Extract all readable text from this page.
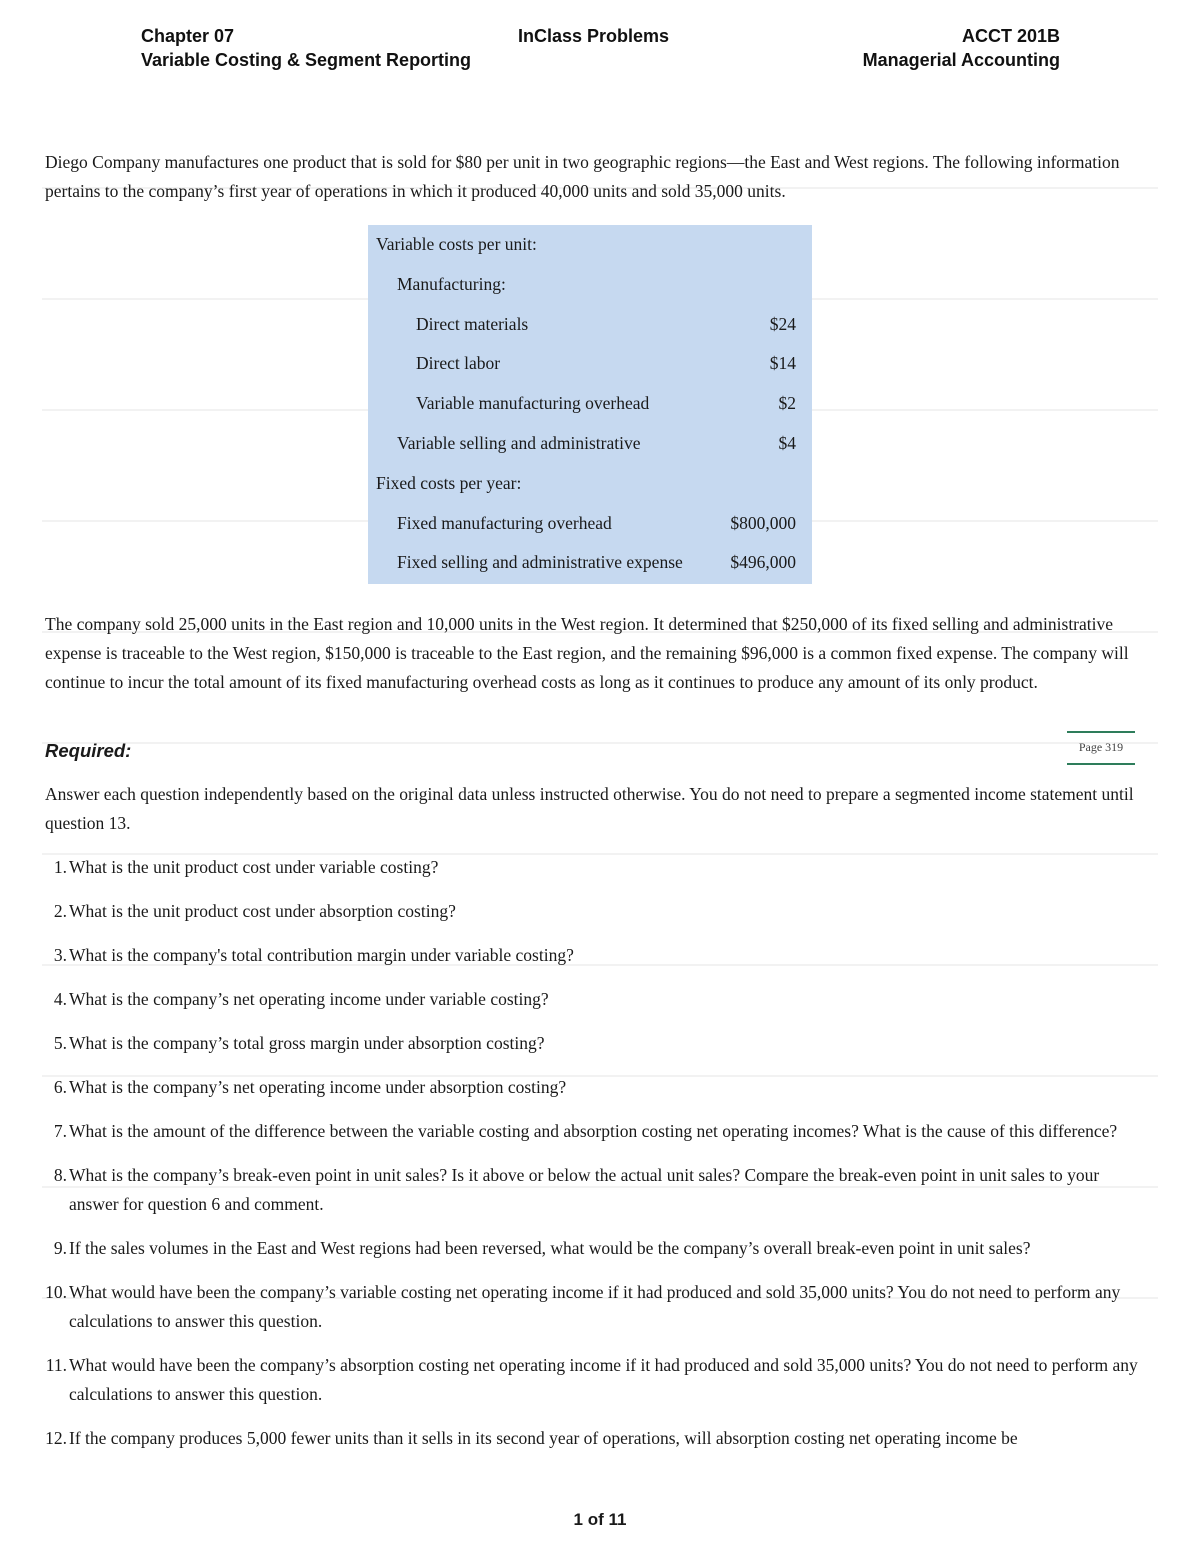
Chapter 07
Variable Costing & Segment Reporting
InClass Problems	ACCT 201B
Managerial Accounting

Diego Company manufactures one product that is sold for $80 per unit in two geographic regions—the East and West regions. The following information pertains to the company’s first year of operations in which it produced 40,000 units and sold 35,000 units.

Variable costs per unit:
Manufacturing:
Direct materials	$24
Direct labor	$14
Variable manufacturing overhead	$2
Variable selling and administrative	$4
Fixed costs per year:
Fixed manufacturing overhead	$800,000
Fixed selling and administrative expense	$496,000

The company sold 25,000 units in the East region and 10,000 units in the West region. It determined that $250,000 of its fixed selling and administrative expense is traceable to the West region, $150,000 is traceable to the East region, and the remaining $96,000 is a common fixed expense. The company will continue to incur the total amount of its fixed manufacturing overhead costs as long as it continues to produce any amount of its only product.

Required:	Page 319

Answer each question independently based on the original data unless instructed otherwise. You do not need to prepare a segmented income statement until question 13.

1. What is the unit product cost under variable costing?
2. What is the unit product cost under absorption costing?
3. What is the company's total contribution margin under variable costing?
4. What is the company’s net operating income under variable costing?
5. What is the company’s total gross margin under absorption costing?
6. What is the company’s net operating income under absorption costing?
7. What is the amount of the difference between the variable costing and absorption costing net operating incomes? What is the cause of this difference?
8. What is the company’s break-even point in unit sales? Is it above or below the actual unit sales? Compare the break-even point in unit sales to your answer for question 6 and comment.
9. If the sales volumes in the East and West regions had been reversed, what would be the company’s overall break-even point in unit sales?
10. What would have been the company’s variable costing net operating income if it had produced and sold 35,000 units? You do not need to perform any calculations to answer this question.
11. What would have been the company’s absorption costing net operating income if it had produced and sold 35,000 units? You do not need to perform any calculations to answer this question.
12. If the company produces 5,000 fewer units than it sells in its second year of operations, will absorption costing net operating income be
1 of 11
